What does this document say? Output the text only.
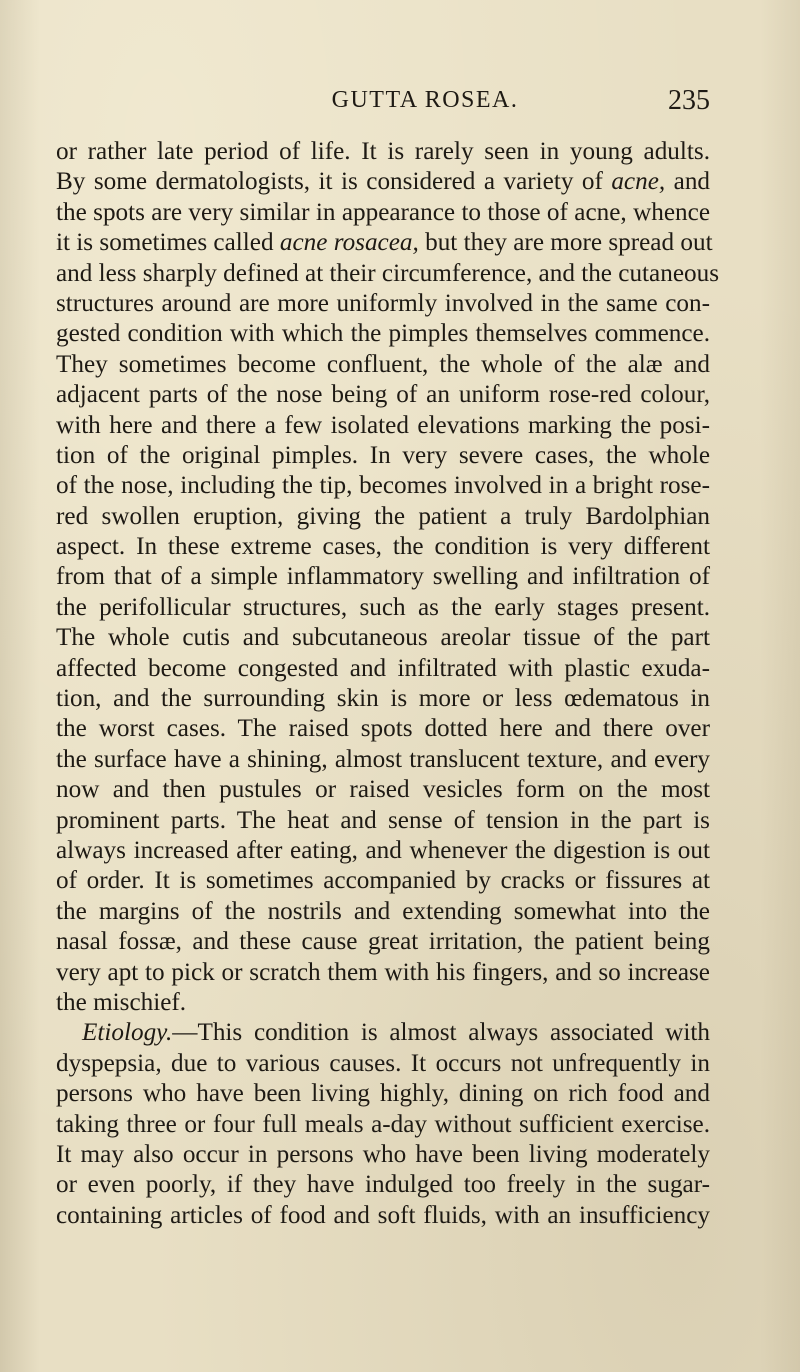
GUTTA ROSEA.	235
or rather late period of life. It is rarely seen in young adults.
By some dermatologists, it is considered a variety of acne, and
the spots are very similar in appearance to those of acne, whence
it is sometimes called acne rosacea, but they are more spread out
and less sharply defined at their circumference, and the cutaneous
structures around are more uniformly involved in the same con-
gested condition with which the pimples themselves commence.
They sometimes become confluent, the whole of the alæ and
adjacent parts of the nose being of an uniform rose-red colour,
with here and there a few isolated elevations marking the posi-
tion of the original pimples. In very severe cases, the whole
of the nose, including the tip, becomes involved in a bright rose-
red swollen eruption, giving the patient a truly Bardolphian
aspect. In these extreme cases, the condition is very different
from that of a simple inflammatory swelling and infiltration of
the perifollicular structures, such as the early stages present.
The whole cutis and subcutaneous areolar tissue of the part
affected become congested and infiltrated with plastic exuda-
tion, and the surrounding skin is more or less œdematous in
the worst cases. The raised spots dotted here and there over
the surface have a shining, almost translucent texture, and every
now and then pustules or raised vesicles form on the most
prominent parts. The heat and sense of tension in the part is
always increased after eating, and whenever the digestion is out
of order. It is sometimes accompanied by cracks or fissures at
the margins of the nostrils and extending somewhat into the
nasal fossæ, and these cause great irritation, the patient being
very apt to pick or scratch them with his fingers, and so increase
the mischief.
Etiology.—This condition is almost always associated with
dyspepsia, due to various causes. It occurs not unfrequently in
persons who have been living highly, dining on rich food and
taking three or four full meals a-day without sufficient exercise.
It may also occur in persons who have been living moderately
or even poorly, if they have indulged too freely in the sugar-
containing articles of food and soft fluids, with an insufficiency
